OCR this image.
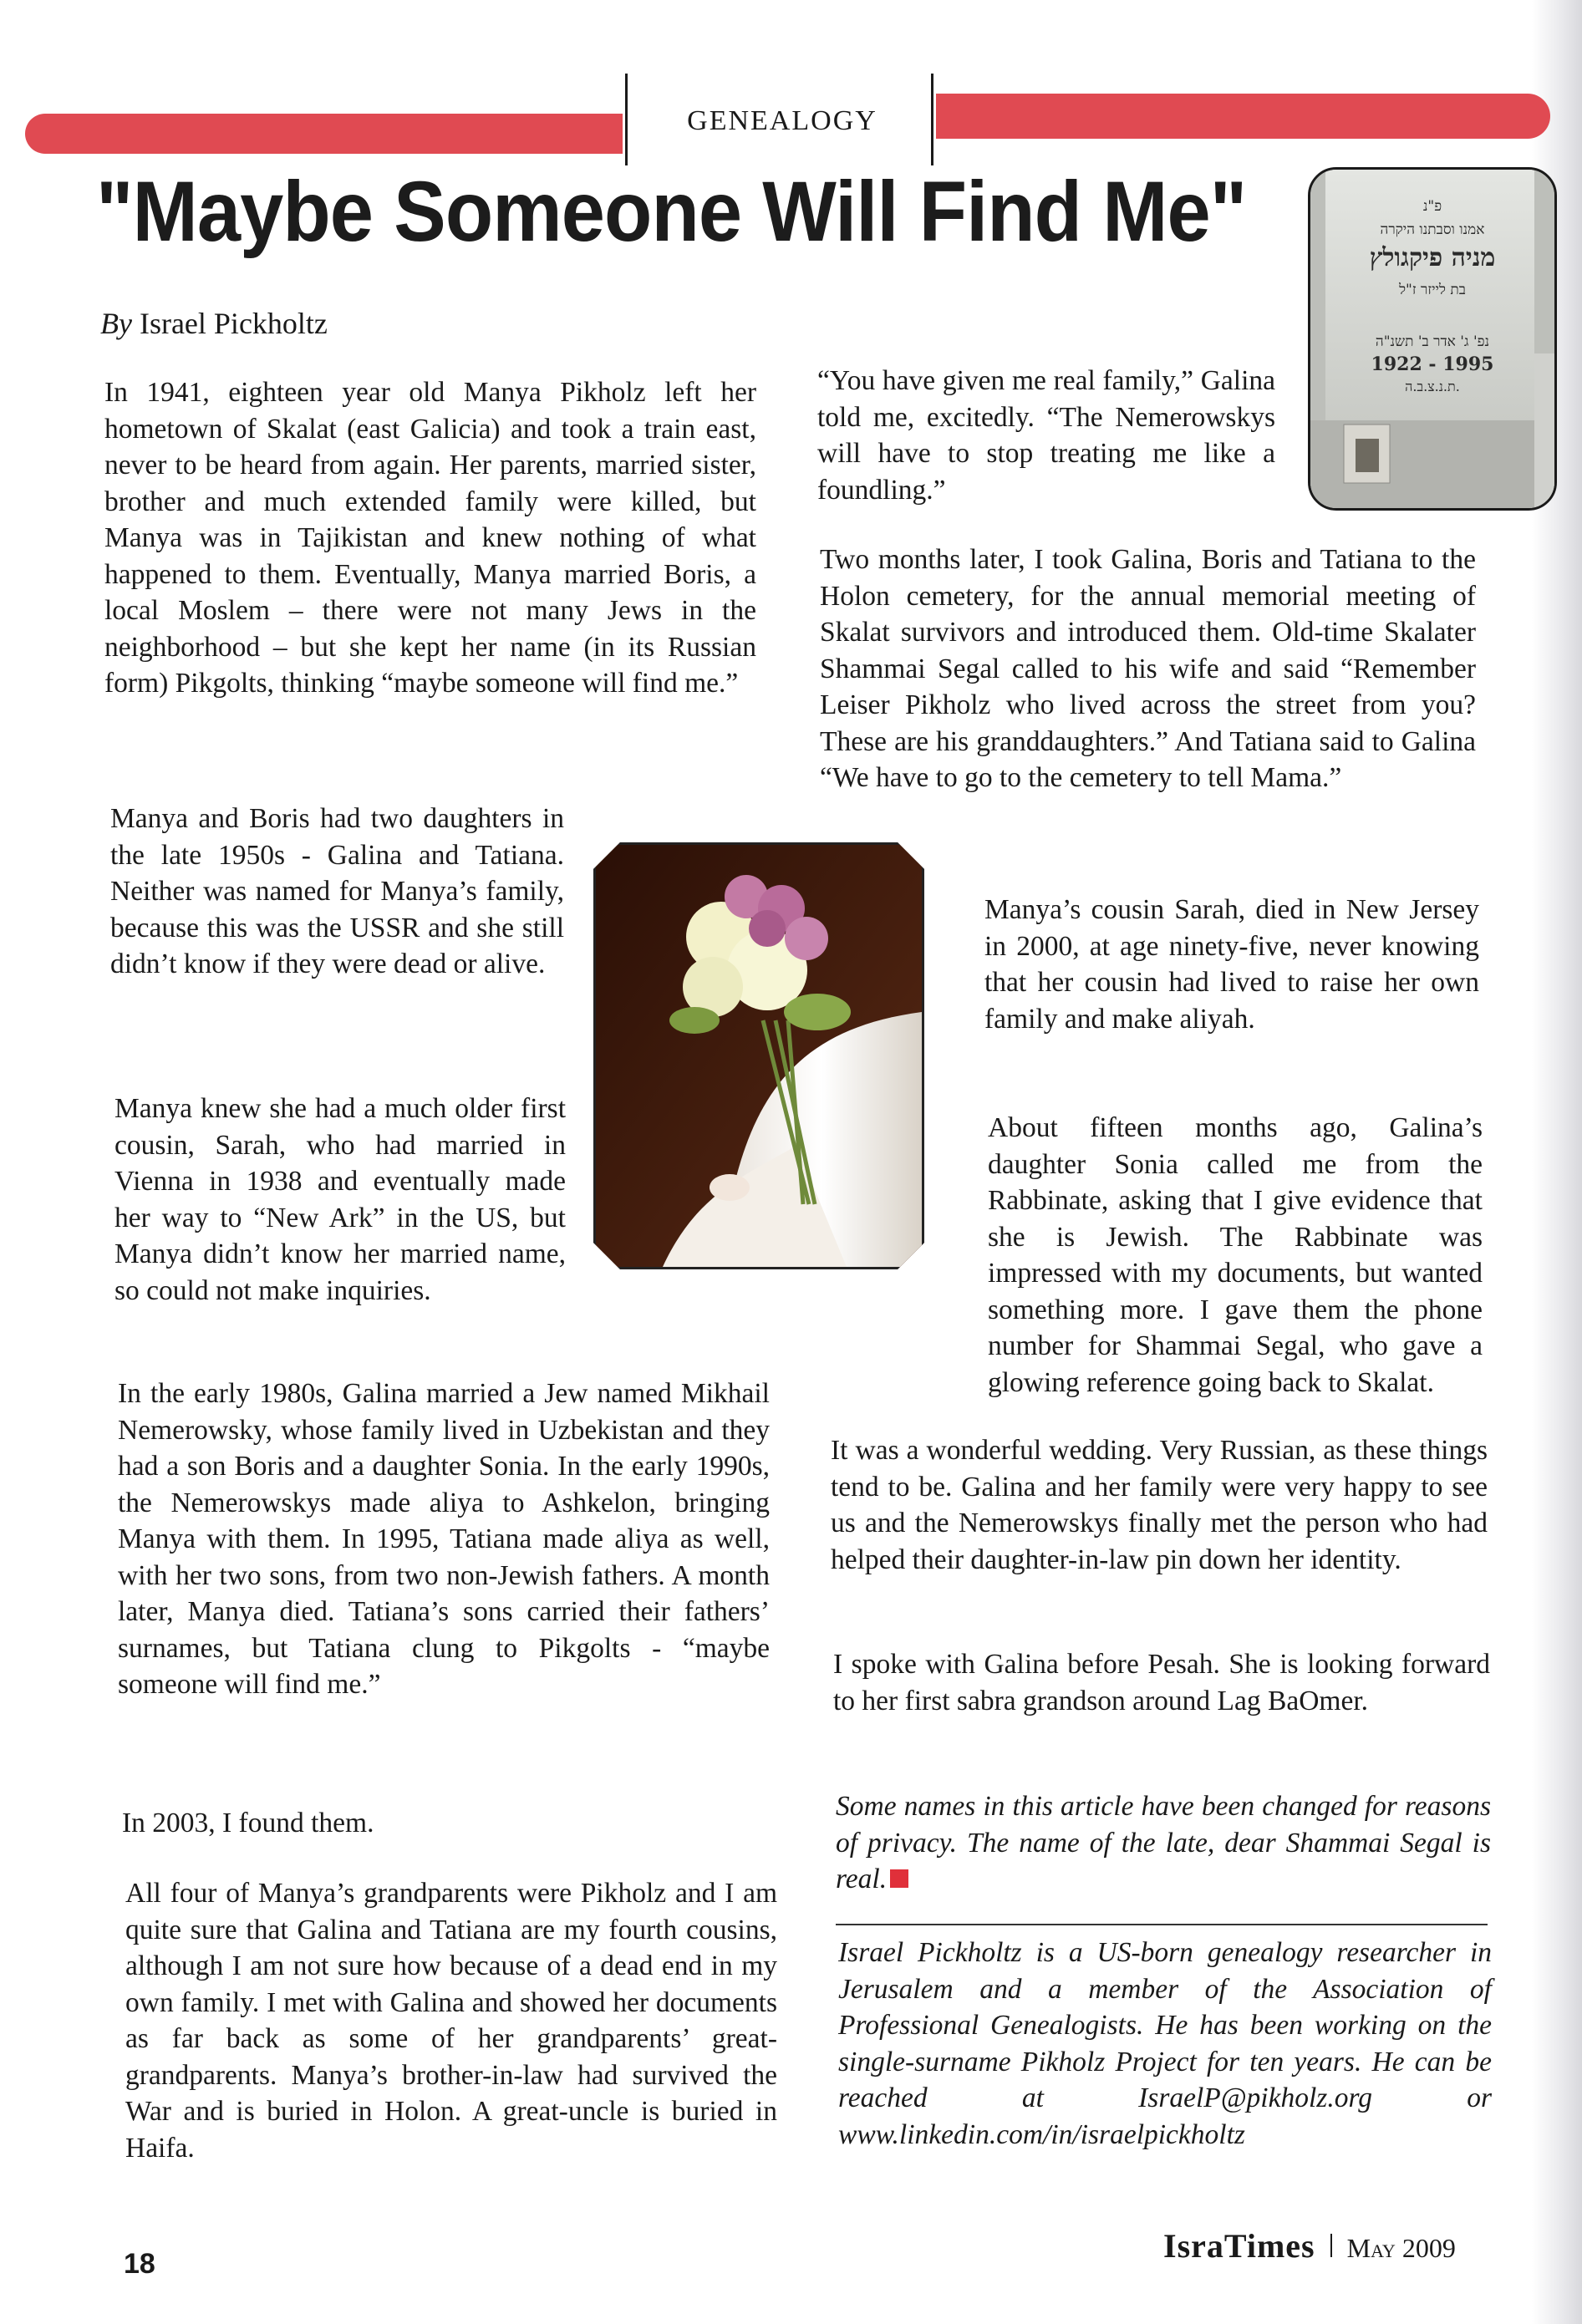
GENEALOGY
"Maybe Someone Will Find Me"
By Israel Pickholtz

In 1941, eighteen year old Manya Pikholz left her hometown of Skalat (east Galicia) and took a train east, never to be heard from again. Her parents, married sister, brother and much extended family were killed, but Manya was in Tajikistan and knew nothing of what happened to them. Eventually, Manya married Boris, a local Moslem – there were not many Jews in the neighborhood – but she kept her name (in its Russian form) Pikgolts, thinking “maybe someone will find me.”

Manya and Boris had two daughters in the late 1950s - Galina and Tatiana. Neither was named for Manya’s family, because this was the USSR and she still didn’t know if they were dead or alive.

Manya knew she had a much older first cousin, Sarah, who had married in Vienna in 1938 and eventually made her way to “New Ark” in the US, but Manya didn’t know her married name, so could not make inquiries.

In the early 1980s, Galina married a Jew named Mikhail Nemerowsky, whose family lived in Uzbekistan and they had a son Boris and a daughter Sonia. In the early 1990s, the Nemerowskys made aliya to Ashkelon, bringing Manya with them. In 1995, Tatiana made aliya as well, with her two sons, from two non-Jewish fathers. A month later, Manya died. Tatiana’s sons carried their fathers’ surnames, but Tatiana clung to Pikgolts - “maybe someone will find me.”

In 2003, I found them.

All four of Manya’s grandparents were Pikholz and I am quite sure that Galina and Tatiana are my fourth cousins, although I am not sure how because of a dead end in my own family. I met with Galina and showed her documents as far back as some of her grandparents’ great-grandparents. Manya’s brother-in-law had survived the War and is buried in Holon. A great-uncle is buried in Haifa.

פ"נ
אמנו וסבתנו היקרה
מניה פיקגולץ
בת לייזר ז"ל
נפ' ג' אדר ב' תשנ"ה
1922 - 1995
ת.נ.צ.ב.ה.

“You have given me real family,” Galina told me, excitedly. “The Nemerowskys will have to stop treating me like a foundling.”

Two months later, I took Galina, Boris and Tatiana to the Holon cemetery, for the annual memorial meeting of Skalat survivors and introduced them. Old-time Skalater Shammai Segal called to his wife and said “Remember Leiser Pikholz who lived across the street from you? These are his granddaughters.” And Tatiana said to Galina “We have to go to the cemetery to tell Mama.”

Manya’s cousin Sarah, died in New Jersey in 2000, at age ninety-five, never knowing that her cousin had lived to raise her own family and make aliyah.

About fifteen months ago, Galina’s daughter Sonia called me from the Rabbinate, asking that I give evidence that she is Jewish. The Rabbinate was impressed with my documents, but wanted something more. I gave them the phone number for Shammai Segal, who gave a glowing reference going back to Skalat.

It was a wonderful wedding. Very Russian, as these things tend to be. Galina and her family were very happy to see us and the Nemerowskys finally met the person who had helped their daughter-in-law pin down her identity.

I spoke with Galina before Pesah. She is looking forward to her first sabra grandson around Lag BaOmer.

Some names in this article have been changed for reasons of privacy. The name of the late, dear Shammai Segal is real.

Israel Pickholtz is a US-born genealogy researcher in Jerusalem and a member of the Association of Professional Genealogists. He has been working on the single-surname Pikholz Project for ten years. He can be reached at IsraelP@pikholz.org or www.linkedin.com/in/israelpickholtz

18	IsraTimes May 2009
